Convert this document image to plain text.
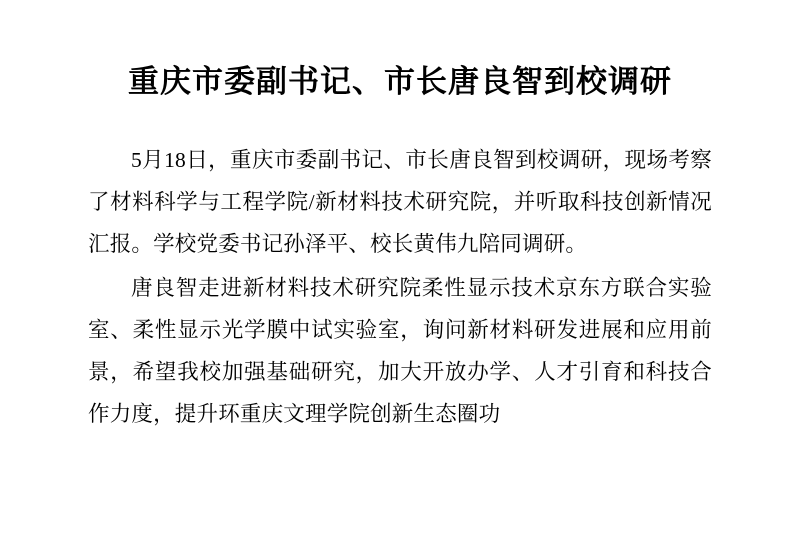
重庆市委副书记、市长唐良智到校调研

5月18日，重庆市委副书记、市长唐良智到校调研，现场考察了材料科学与工程学院/新材料技术研究院，并听取科技创新情况汇报。学校党委书记孙泽平、校长黄伟九陪同调研。

唐良智走进新材料技术研究院柔性显示技术京东方联合实验室、柔性显示光学膜中试实验室，询问新材料研发进展和应用前景，希望我校加强基础研究，加大开放办学、人才引育和科技合作力度，提升环重庆文理学院创新生态圈功
